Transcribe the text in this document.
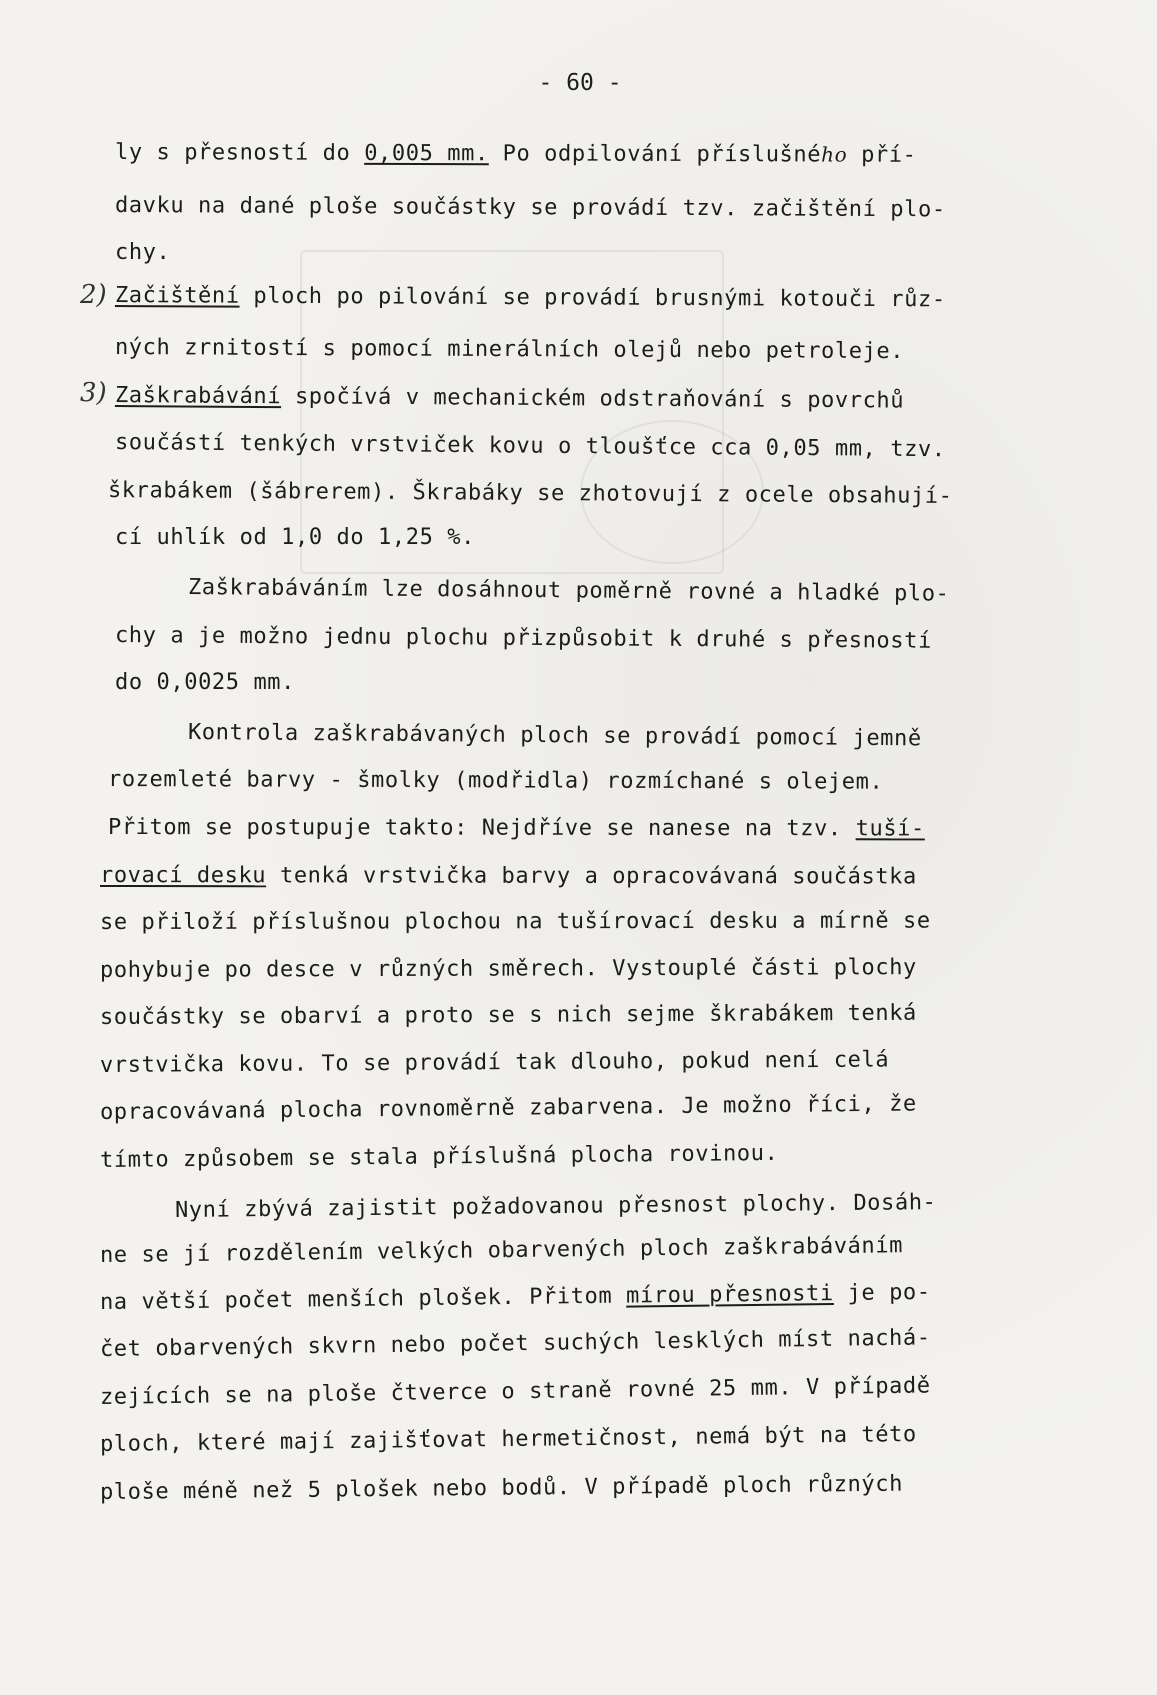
- 60 -
2)
3)
ly s přesností do 0,005 mm. Po odpilování příslušného pří-
davku na dané ploše součástky se provádí tzv. začištění plo-
chy.
Začištění ploch po pilování se provádí brusnými kotouči růz-
ných zrnitostí s pomocí minerálních olejů nebo petroleje.
Zaškrabávání spočívá v mechanickém odstraňování s povrchů
součástí tenkých vrstviček kovu o tloušťce cca 0,05 mm, tzv.
škrabákem (šábrerem). Škrabáky se zhotovují z ocele obsahují-
cí uhlík od 1,0 do 1,25 %.
Zaškrabáváním lze dosáhnout poměrně rovné a hladké plo-
chy a je možno jednu plochu přizpůsobit k druhé s přesností
do 0,0025 mm.
Kontrola zaškrabávaných ploch se provádí pomocí jemně
rozemleté barvy - šmolky (modřidla) rozmíchané s olejem.
Přitom se postupuje takto: Nejdříve se nanese na tzv. tuší-
rovací desku tenká vrstvička barvy a opracovávaná součástka
se přiloží příslušnou plochou na tušírovací desku a mírně se
pohybuje po desce v různých směrech. Vystouplé části plochy
součástky se obarví a proto se s nich sejme škrabákem tenká
vrstvička kovu. To se provádí tak dlouho, pokud není celá
opracovávaná plocha rovnoměrně zabarvena. Je možno říci, že
tímto způsobem se stala příslušná plocha rovinou.
Nyní zbývá zajistit požadovanou přesnost plochy. Dosáh-
ne se jí rozdělením velkých obarvených ploch zaškrabáváním
na větší počet menších plošek. Přitom mírou přesnosti je po-
čet obarvených skvrn nebo počet suchých lesklých míst nachá-
zejících se na ploše čtverce o straně rovné 25 mm. V případě
ploch, které mají zajišťovat hermetičnost, nemá být na této
ploše méně než 5 plošek nebo bodů. V případě ploch různých
